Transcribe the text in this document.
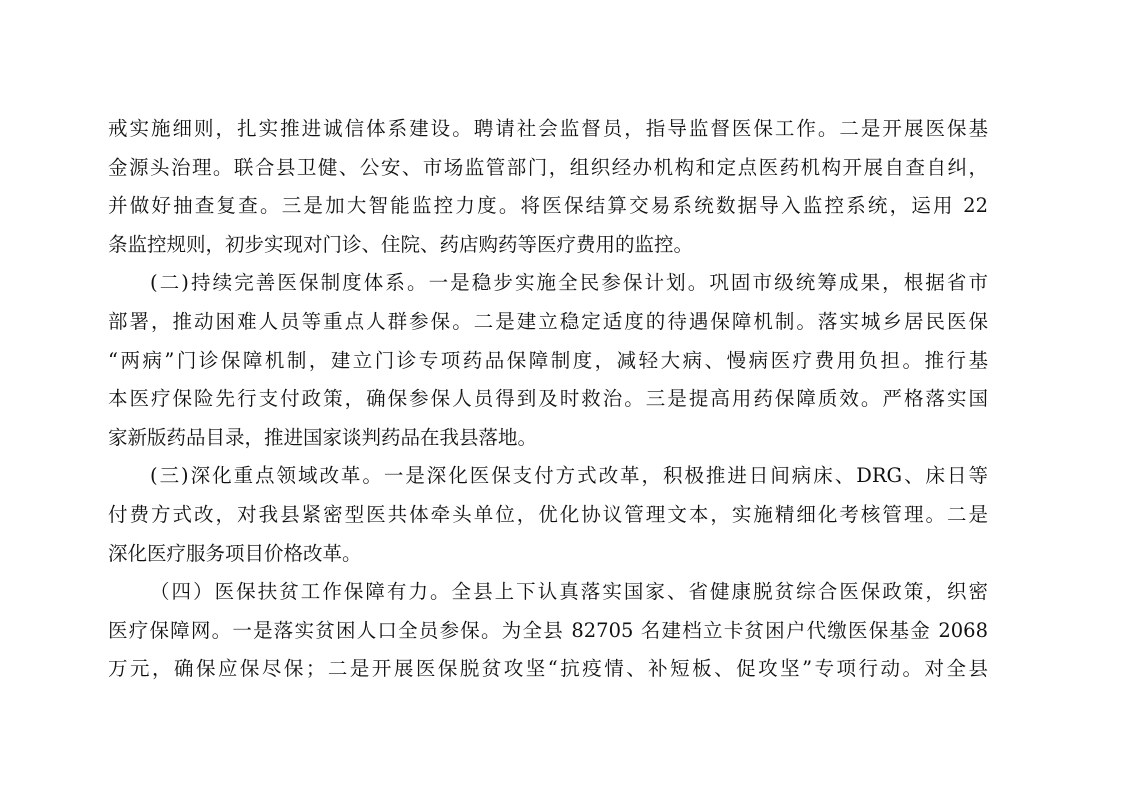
戒实施细则，扎实推进诚信体系建设。聘请社会监督员，指导监督医保工作。二是开展医保基
金源头治理。联合县卫健、公安、市场监管部门，组织经办机构和定点医药机构开展自查自纠，
并做好抽查复查。三是加大智能监控力度。将医保结算交易系统数据导入监控系统，运用 22
条监控规则，初步实现对门诊、住院、药店购药等医疗费用的监控。
(二)持续完善医保制度体系。一是稳步实施全民参保计划。巩固市级统筹成果，根据省市
部署，推动困难人员等重点人群参保。二是建立稳定适度的待遇保障机制。落实城乡居民医保
“两病”门诊保障机制，建立门诊专项药品保障制度，减轻大病、慢病医疗费用负担。推行基
本医疗保险先行支付政策，确保参保人员得到及时救治。三是提高用药保障质效。严格落实国
家新版药品目录，推进国家谈判药品在我县落地。
(三)深化重点领域改革。一是深化医保支付方式改革，积极推进日间病床、DRG、床日等
付费方式改，对我县紧密型医共体牵头单位，优化协议管理文本，实施精细化考核管理。二是
深化医疗服务项目价格改革。
（四）医保扶贫工作保障有力。全县上下认真落实国家、省健康脱贫综合医保政策，织密
医疗保障网。一是落实贫困人口全员参保。为全县 82705 名建档立卡贫困户代缴医保基金 2068
万元，确保应保尽保；二是开展医保脱贫攻坚“抗疫情、补短板、促攻坚”专项行动。对全县
